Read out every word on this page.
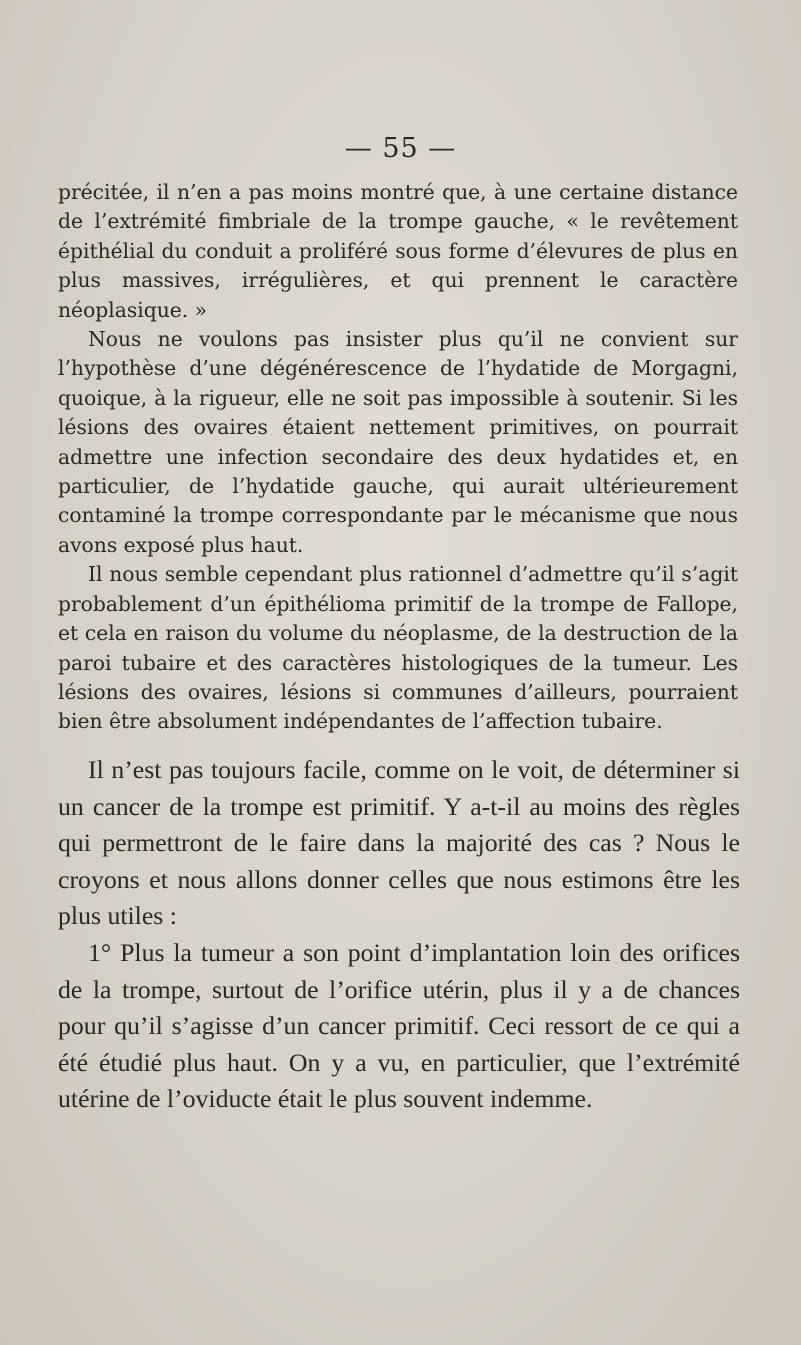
— 55 —

précitée, il n’en a pas moins montré que, à une certaine distance de l’extrémité fimbriale de la trompe gauche, « le revêtement épithélial du conduit a proliféré sous forme d’élevures de plus en plus massives, irrégulières, et qui prennent le caractère néoplasique. »

Nous ne voulons pas insister plus qu’il ne convient sur l’hypothèse d’une dégénérescence de l’hydatide de Morgagni, quoique, à la rigueur, elle ne soit pas impossible à soutenir. Si les lésions des ovaires étaient nettement primitives, on pourrait admettre une infection secondaire des deux hydatides et, en particulier, de l’hydatide gauche, qui aurait ultérieurement contaminé la trompe correspondante par le mécanisme que nous avons exposé plus haut.

Il nous semble cependant plus rationnel d’admettre qu’il s’agit probablement d’un épithélioma primitif de la trompe de Fallope, et cela en raison du volume du néoplasme, de la destruction de la paroi tubaire et des caractères histologiques de la tumeur. Les lésions des ovaires, lésions si communes d’ailleurs, pourraient bien être absolument indépendantes de l’affection tubaire.

Il n’est pas toujours facile, comme on le voit, de déterminer si un cancer de la trompe est primitif. Y a-t-il au moins des règles qui permettront de le faire dans la majorité des cas ? Nous le croyons et nous allons donner celles que nous estimons être les plus utiles :

1° Plus la tumeur a son point d’implantation loin des orifices de la trompe, surtout de l’orifice utérin, plus il y a de chances pour qu’il s’agisse d’un cancer primitif. Ceci ressort de ce qui a été étudié plus haut. On y a vu, en particulier, que l’extrémité utérine de l’oviducte était le plus souvent indemme.
